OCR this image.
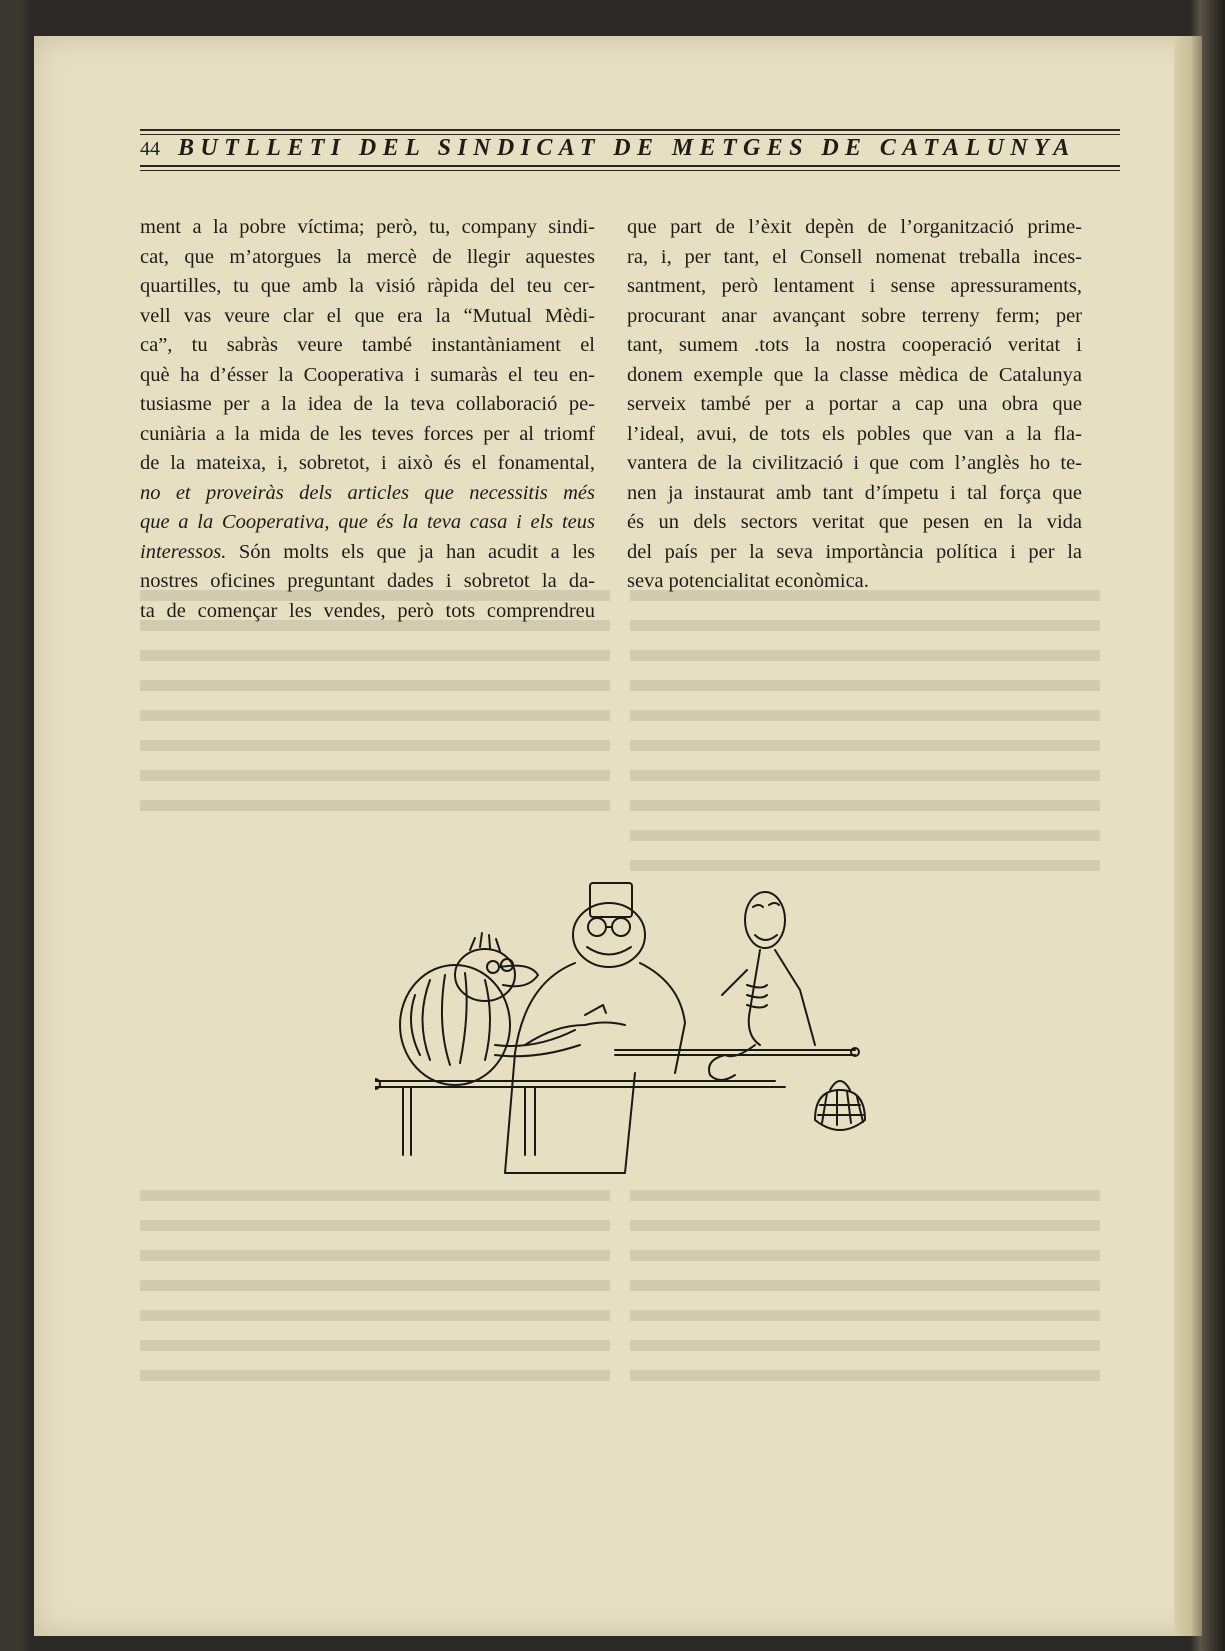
44 BUTLLETI DEL SINDICAT DE METGES DE CATALUNYA

ment a la pobre víctima; però, tu, company sindi-
cat, que m’atorgues la mercè de llegir aquestes
quartilles, tu que amb la visió ràpida del teu cer-
vell vas veure clar el que era la “Mutual Mèdi-
ca”, tu sabràs veure també instantàniament el
què ha d’ésser la Cooperativa i sumaràs el teu en-
tusiasme per a la idea de la teva collaboració pe-
cuniària a la mida de les teves forces per al triomf
de la mateixa, i, sobretot, i això és el fonamental,
no et proveiràs dels articles que necessitis més
que a la Cooperativa, que és la teva casa i els teus
interessos. Són molts els que ja han acudit a les
nostres oficines preguntant dades i sobretot la da-
ta de començar les vendes, però tots comprendreu

que part de l’èxit depèn de l’organització prime-
ra, i, per tant, el Consell nomenat treballa inces-
santment, però lentament i sense apressuraments,
procurant anar avançant sobre terreny ferm; per
tant, sumem .tots la nostra cooperació veritat i
donem exemple que la classe mèdica de Catalunya
serveix també per a portar a cap una obra que
l’ideal, avui, de tots els pobles que van a la fla-
vantera de la civilització i que com l’anglès ho te-
nen ja instaurat amb tant d’ímpetu i tal força que
és un dels sectors veritat que pesen en la vida
del país per la seva importància política i per la
seva potencialitat econòmica.
